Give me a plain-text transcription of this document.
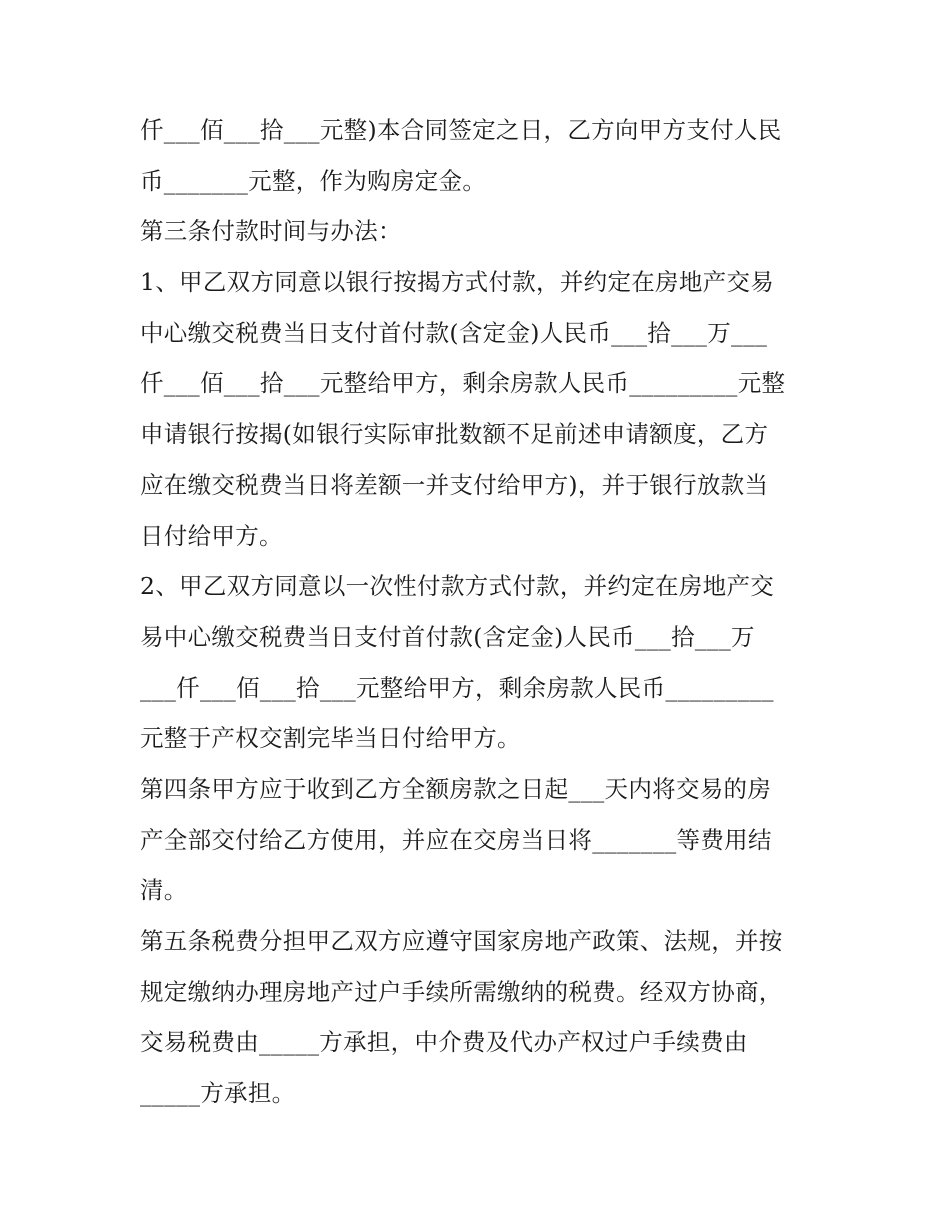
仟___佰___拾___元整)本合同签定之日，乙方向甲方支付人民
币_______元整，作为购房定金。
第三条付款时间与办法：
1、甲乙双方同意以银行按揭方式付款，并约定在房地产交易
中心缴交税费当日支付首付款(含定金)人民币___拾___万___
仟___佰___拾___元整给甲方，剩余房款人民币_________元整
申请银行按揭(如银行实际审批数额不足前述申请额度，乙方
应在缴交税费当日将差额一并支付给甲方)，并于银行放款当
日付给甲方。
2、甲乙双方同意以一次性付款方式付款，并约定在房地产交
易中心缴交税费当日支付首付款(含定金)人民币___拾___万
___仟___佰___拾___元整给甲方，剩余房款人民币_________
元整于产权交割完毕当日付给甲方。
第四条甲方应于收到乙方全额房款之日起___天内将交易的房
产全部交付给乙方使用，并应在交房当日将_______等费用结
清。
第五条税费分担甲乙双方应遵守国家房地产政策、法规，并按
规定缴纳办理房地产过户手续所需缴纳的税费。经双方协商，
交易税费由_____方承担，中介费及代办产权过户手续费由
_____方承担。
